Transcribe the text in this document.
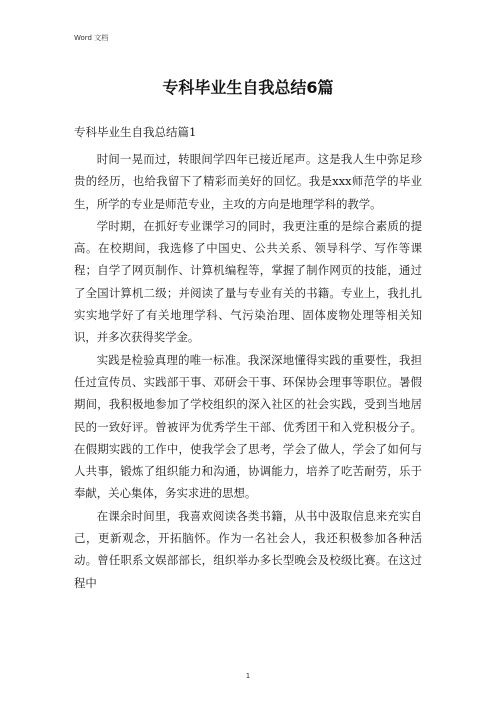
Word 文档
专科毕业生自我总结6篇
专科毕业生自我总结篇1

时间一晃而过，转眼间学四年已接近尾声。这是我人生中弥足珍贵的经历，也给我留下了精彩而美好的回忆。我是xxx师范学的毕业生，所学的专业是师范专业，主攻的方向是地理学科的教学。

学时期，在抓好专业课学习的同时，我更注重的是综合素质的提高。在校期间，我选修了中国史、公共关系、领导科学、写作等课程；自学了网页制作、计算机编程等，掌握了制作网页的技能，通过了全国计算机二级；并阅读了量与专业有关的书籍。专业上，我扎扎实实地学好了有关地理学科、气污染治理、固体废物处理等相关知识，并多次获得奖学金。

实践是检验真理的唯一标准。我深深地懂得实践的重要性，我担任过宣传员、实践部干事、邓研会干事、环保协会理事等职位。暑假期间，我积极地参加了学校组织的深入社区的社会实践，受到当地居民的一致好评。曾被评为优秀学生干部、优秀团干和入党积极分子。在假期实践的工作中，使我学会了思考，学会了做人，学会了如何与人共事，锻炼了组织能力和沟通，协调能力，培养了吃苦耐劳，乐于奉献，关心集体，务实求进的思想。

在课余时间里，我喜欢阅读各类书籍，从书中汲取信息来充实自己，更新观念，开拓脑怀。作为一名社会人，我还积极参加各种活动。曾任职系文娱部部长，组织举办多长型晚会及校级比赛。在这过程中

1
